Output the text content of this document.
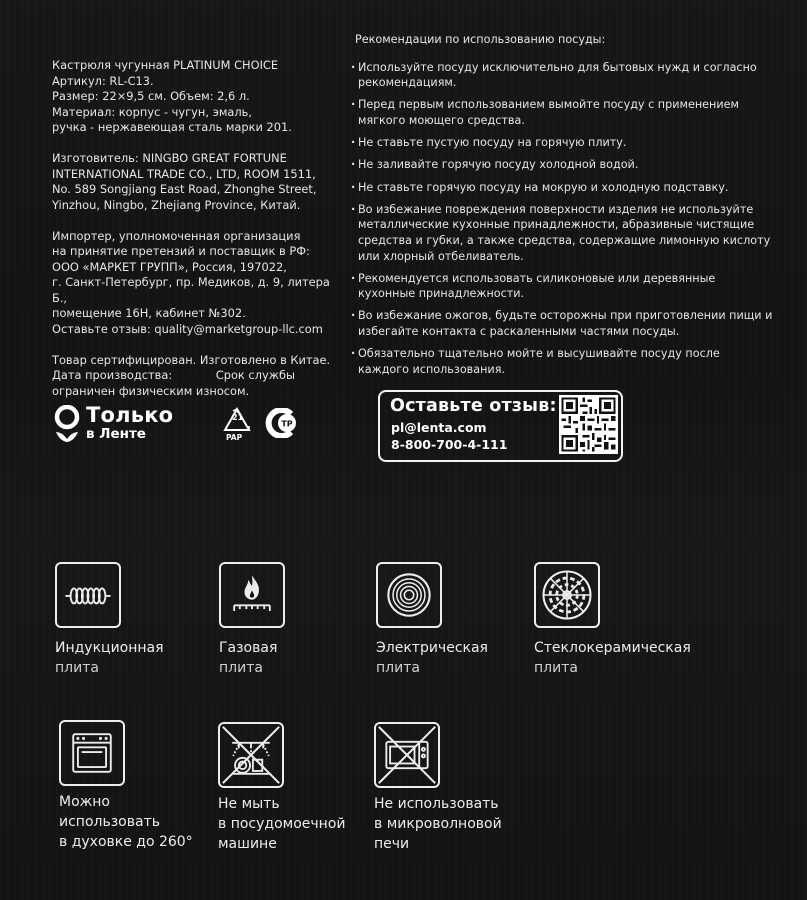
Кастрюля чугунная PLATINUM CHOICE

Артикул: RL-C13.

Размер: 22×9,5 см. Объем: 2,6 л.

Материал: корпус - чугун, эмаль,

ручка - нержавеющая сталь марки 201.

Изготовитель: NINGBO GREAT FORTUNE

INTERNATIONAL TRADE CO., LTD, ROOM 1511,

No. 589 Songjiang East Road, Zhonghe Street,

Yinzhou, Ningbo, Zhejiang Province, Китай.

Импортер, уполномоченная организация

на принятие претензий и поставщик в РФ:

ООО «МАРКЕТ ГРУПП», Россия, 197022,

г. Санкт-Петербург, пр. Медиков, д. 9, литера Б.,

помещение 16Н, кабинет №302.

Оставьте отзыв: quality@marketgroup-llc.com

Товар сертифицирован. Изготовлено в Китае.

Дата производства:	Срок службы

ограничен физическим износом.

Рекомендации по использованию посуды:

· Используйте посуду исключительно для бытовых нужд и согласно рекомендациям.
· Перед первым использованием вымойте посуду с применением мягкого моющего средства.
· Не ставьте пустую посуду на горячую плиту.
· Не заливайте горячую посуду холодной водой.
· Не ставьте горячую посуду на мокрую и холодную подставку.
· Во избежание повреждения поверхности изделия не используйте металлические кухонные принадлежности, абразивные чистящие средства и губки, а также средства, содержащие лимонную кислоту или хлорный отбеливатель.
· Рекомендуется использовать силиконовые или деревянные кухонные принадлежности.
· Во избежание ожогов, будьте осторожны при приготовлении пищи и избегайте контакта с раскаленными частями посуды.
· Обязательно тщательно мойте и высушивайте посуду после каждого использования.
Только
в Ленте
21
PAP
ТР
Оставьте отзыв:
pl@lenta.com
8-800-700-4-111
Индукционная
плита
Газовая
плита
Электрическая
плита
Стеклокерамическая
плита
Можно
использовать
в духовке до 260°
Не мыть
в посудомоечной
машине
Не использовать
в микроволновой
печи
